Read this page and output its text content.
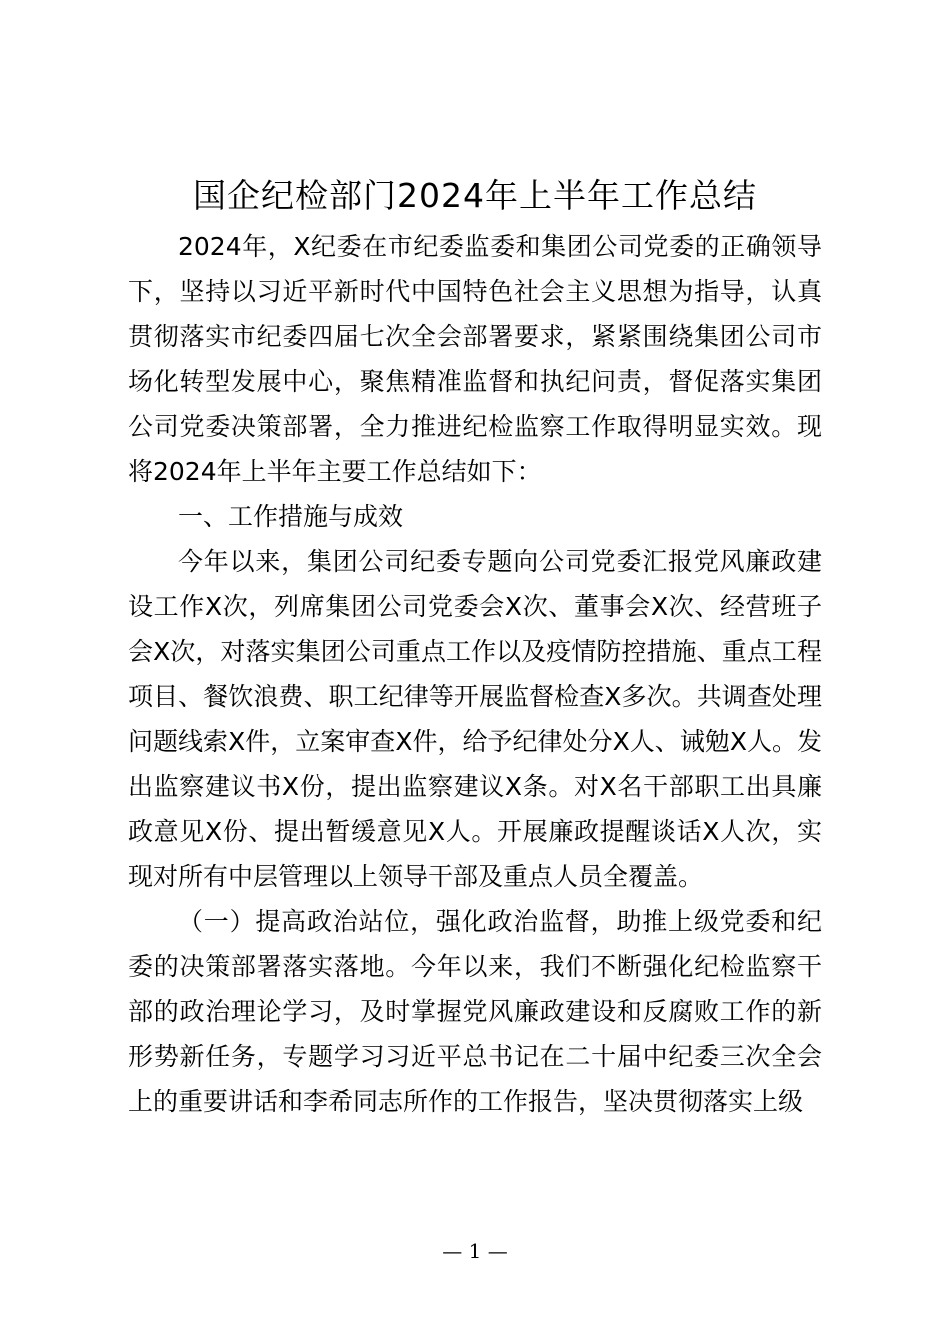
国企纪检部门2024年上半年工作总结

2024年，X纪委在市纪委监委和集团公司党委的正确领导下，坚持以习近平新时代中国特色社会主义思想为指导，认真贯彻落实市纪委四届七次全会部署要求，紧紧围绕集团公司市场化转型发展中心，聚焦精准监督和执纪问责，督促落实集团公司党委决策部署，全力推进纪检监察工作取得明显实效。现将2024年上半年主要工作总结如下：

一、工作措施与成效

今年以来，集团公司纪委专题向公司党委汇报党风廉政建设工作X次，列席集团公司党委会X次、董事会X次、经营班子会X次，对落实集团公司重点工作以及疫情防控措施、重点工程项目、餐饮浪费、职工纪律等开展监督检查X多次。共调查处理问题线索X件，立案审查X件，给予纪律处分X人、诫勉X人。发出监察建议书X份，提出监察建议X条。对X名干部职工出具廉政意见X份、提出暂缓意见X人。开展廉政提醒谈话X人次，实现对所有中层管理以上领导干部及重点人员全覆盖。

（一）提高政治站位，强化政治监督，助推上级党委和纪委的决策部署落实落地。今年以来，我们不断强化纪检监察干部的政治理论学习，及时掌握党风廉政建设和反腐败工作的新形势新任务，专题学习习近平总书记在二十届中纪委三次全会上的重要讲话和李希同志所作的工作报告，坚决贯彻落实上级

— 1 —
